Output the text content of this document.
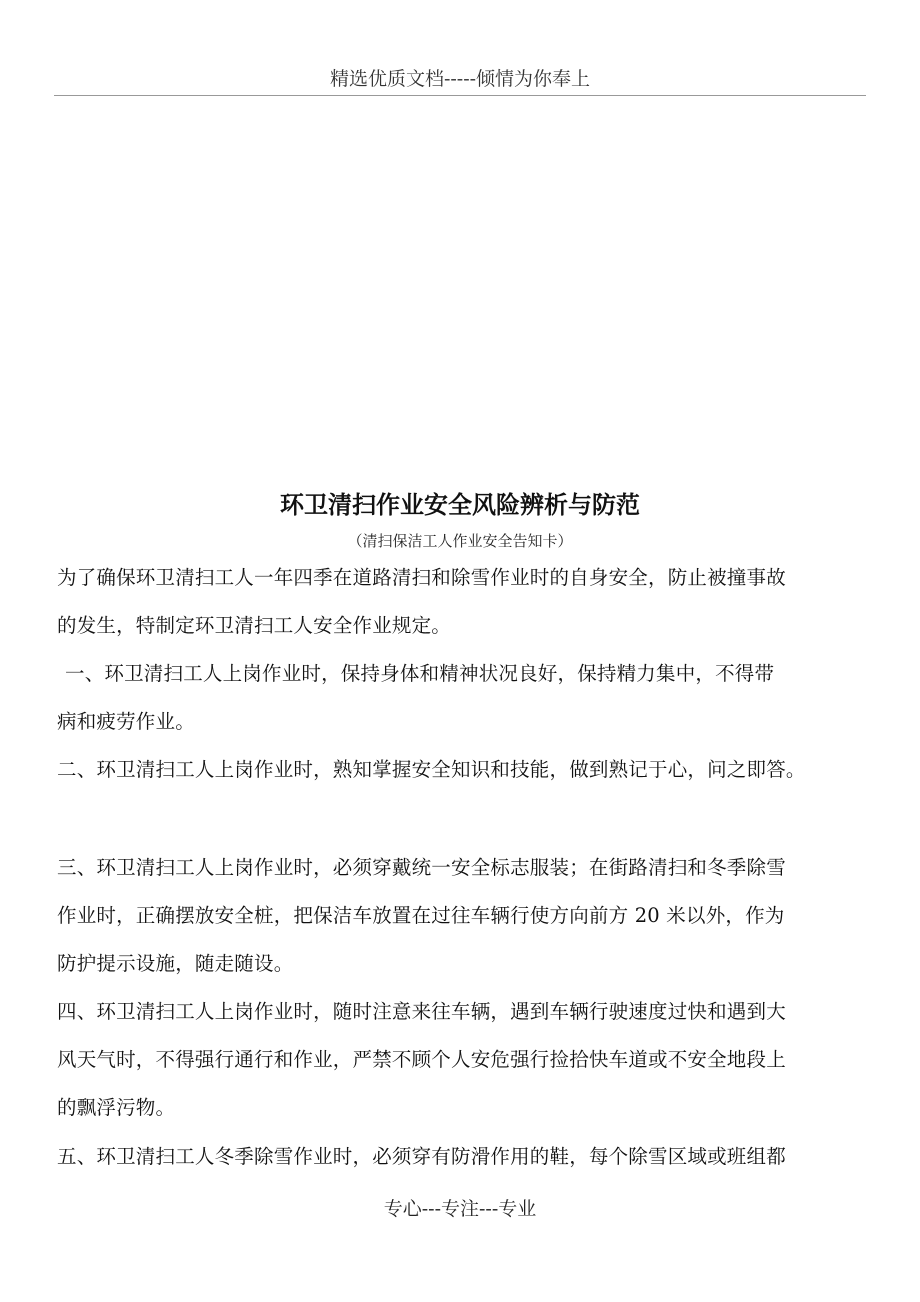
精选优质文档-----倾情为你奉上
环卫清扫作业安全风险辨析与防范
（清扫保洁工人作业安全告知卡）
为了确保环卫清扫工人一年四季在道路清扫和除雪作业时的自身安全，防止被撞事故
的发生，特制定环卫清扫工人安全作业规定。
一、环卫清扫工人上岗作业时，保持身体和精神状况良好，保持精力集中，不得带
病和疲劳作业。
二、环卫清扫工人上岗作业时，熟知掌握安全知识和技能，做到熟记于心，问之即答。
三、环卫清扫工人上岗作业时，必须穿戴统一安全标志服装；在街路清扫和冬季除雪
作业时，正确摆放安全桩，把保洁车放置在过往车辆行使方向前方 20 米以外，作为
防护提示设施，随走随设。
四、环卫清扫工人上岗作业时，随时注意来往车辆，遇到车辆行驶速度过快和遇到大
风天气时，不得强行通行和作业，严禁不顾个人安危强行捡拾快车道或不安全地段上
的飘浮污物。
五、环卫清扫工人冬季除雪作业时，必须穿有防滑作用的鞋，每个除雪区域或班组都
专心---专注---专业
